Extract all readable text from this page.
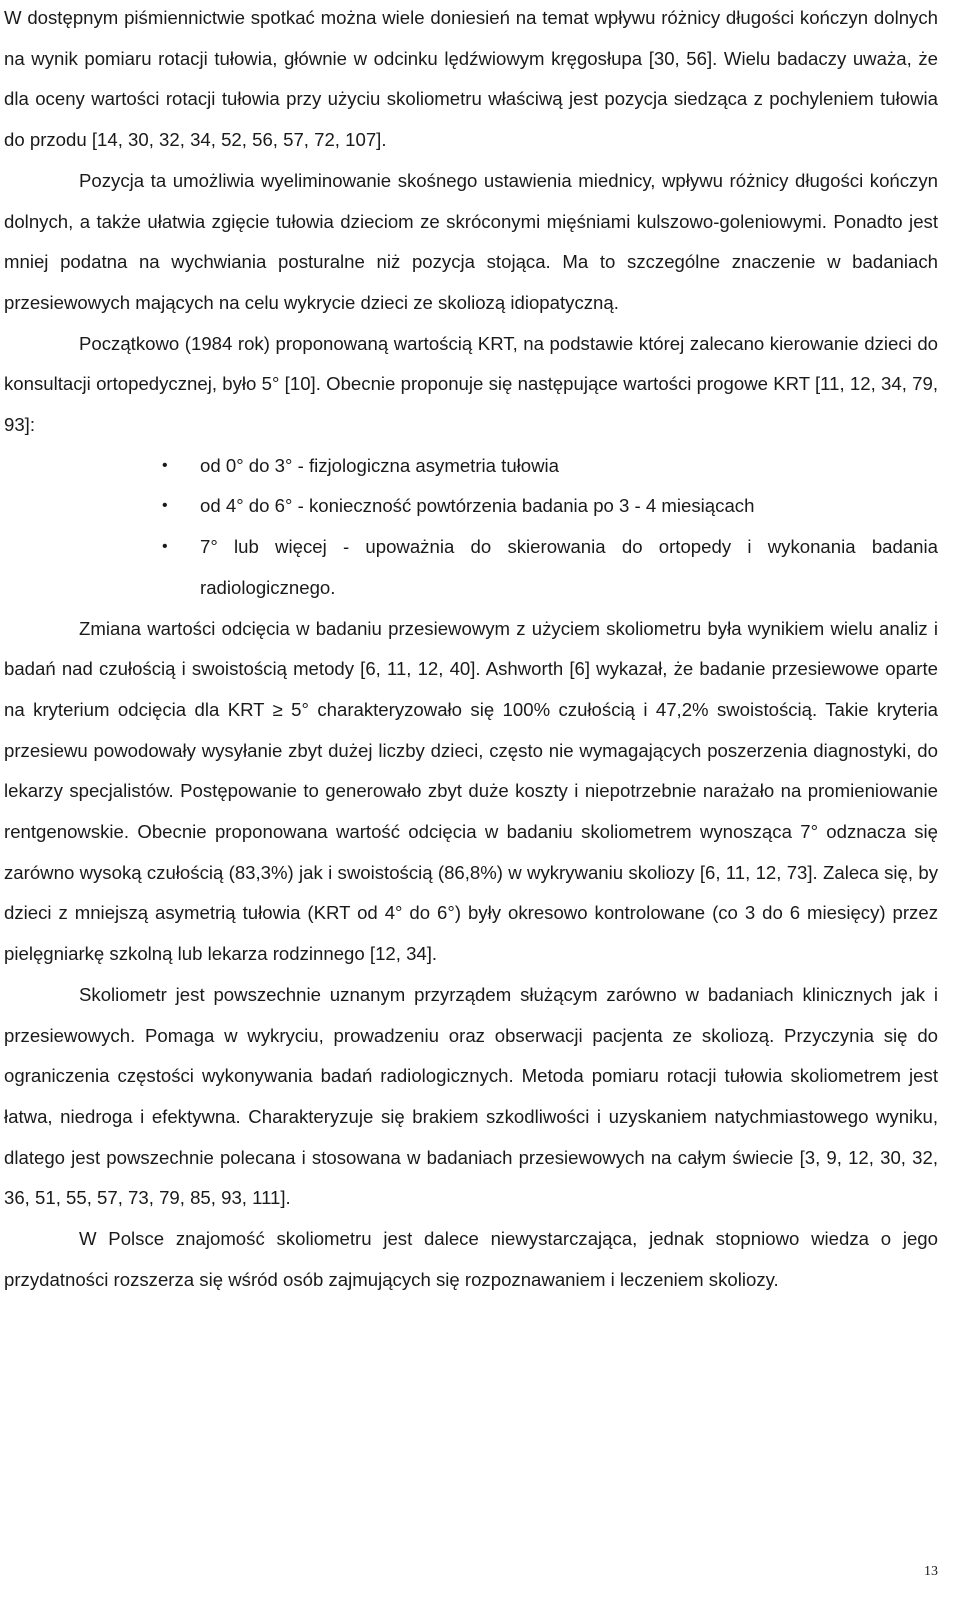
W dostępnym piśmiennictwie spotkać można wiele doniesień na temat wpływu różnicy długości kończyn dolnych na wynik pomiaru rotacji tułowia, głównie w odcinku lędźwiowym kręgosłupa [30, 56]. Wielu badaczy uważa, że dla oceny wartości rotacji tułowia przy użyciu skoliometru właściwą jest pozycja siedząca z pochyleniem tułowia do przodu [14, 30, 32, 34, 52, 56, 57, 72, 107].

Pozycja ta umożliwia wyeliminowanie skośnego ustawienia miednicy, wpływu różnicy długości kończyn dolnych, a także ułatwia zgięcie tułowia dzieciom ze skróconymi mięśniami kulszowo-goleniowymi. Ponadto jest mniej podatna na wychwiania posturalne niż pozycja stojąca. Ma to szczególne znaczenie w badaniach przesiewowych mających na celu wykrycie dzieci ze skoliozą idiopatyczną.

Początkowo (1984 rok) proponowaną wartością KRT, na podstawie której zalecano kierowanie dzieci do konsultacji ortopedycznej, było 5° [10]. Obecnie proponuje się następujące wartości progowe KRT [11, 12, 34, 79, 93]:

• od 0° do 3° - fizjologiczna asymetria tułowia
• od 4° do 6° - konieczność powtórzenia badania po 3 - 4 miesiącach
• 7° lub więcej - upoważnia do skierowania do ortopedy i wykonania badania radiologicznego.

Zmiana wartości odcięcia w badaniu przesiewowym z użyciem skoliometru była wynikiem wielu analiz i badań nad czułością i swoistością metody [6, 11, 12, 40]. Ashworth [6] wykazał, że badanie przesiewowe oparte na kryterium odcięcia dla KRT ≥ 5° charakteryzowało się 100% czułością i 47,2% swoistością. Takie kryteria przesiewu powodowały wysyłanie zbyt dużej liczby dzieci, często nie wymagających poszerzenia diagnostyki, do lekarzy specjalistów. Postępowanie to generowało zbyt duże koszty i niepotrzebnie narażało na promieniowanie rentgenowskie. Obecnie proponowana wartość odcięcia w badaniu skoliometrem wynosząca 7° odznacza się zarówno wysoką czułością (83,3%) jak i swoistością (86,8%) w wykrywaniu skoliozy [6, 11, 12, 73]. Zaleca się, by dzieci z mniejszą asymetrią tułowia (KRT od 4° do 6°) były okresowo kontrolowane (co 3 do 6 miesięcy) przez pielęgniarkę szkolną lub lekarza rodzinnego [12, 34].

Skoliometr jest powszechnie uznanym przyrządem służącym zarówno w badaniach klinicznych jak i przesiewowych. Pomaga w wykryciu, prowadzeniu oraz obserwacji pacjenta ze skoliozą. Przyczynia się do ograniczenia częstości wykonywania badań radiologicznych. Metoda pomiaru rotacji tułowia skoliometrem jest łatwa, niedroga i efektywna. Charakteryzuje się brakiem szkodliwości i uzyskaniem natychmiastowego wyniku, dlatego jest powszechnie polecana i stosowana w badaniach przesiewowych na całym świecie [3, 9, 12, 30, 32, 36, 51, 55, 57, 73, 79, 85, 93, 111].

W Polsce znajomość skoliometru jest dalece niewystarczająca, jednak stopniowo wiedza o jego przydatności rozszerza się wśród osób zajmujących się rozpoznawaniem i leczeniem skoliozy.

13
